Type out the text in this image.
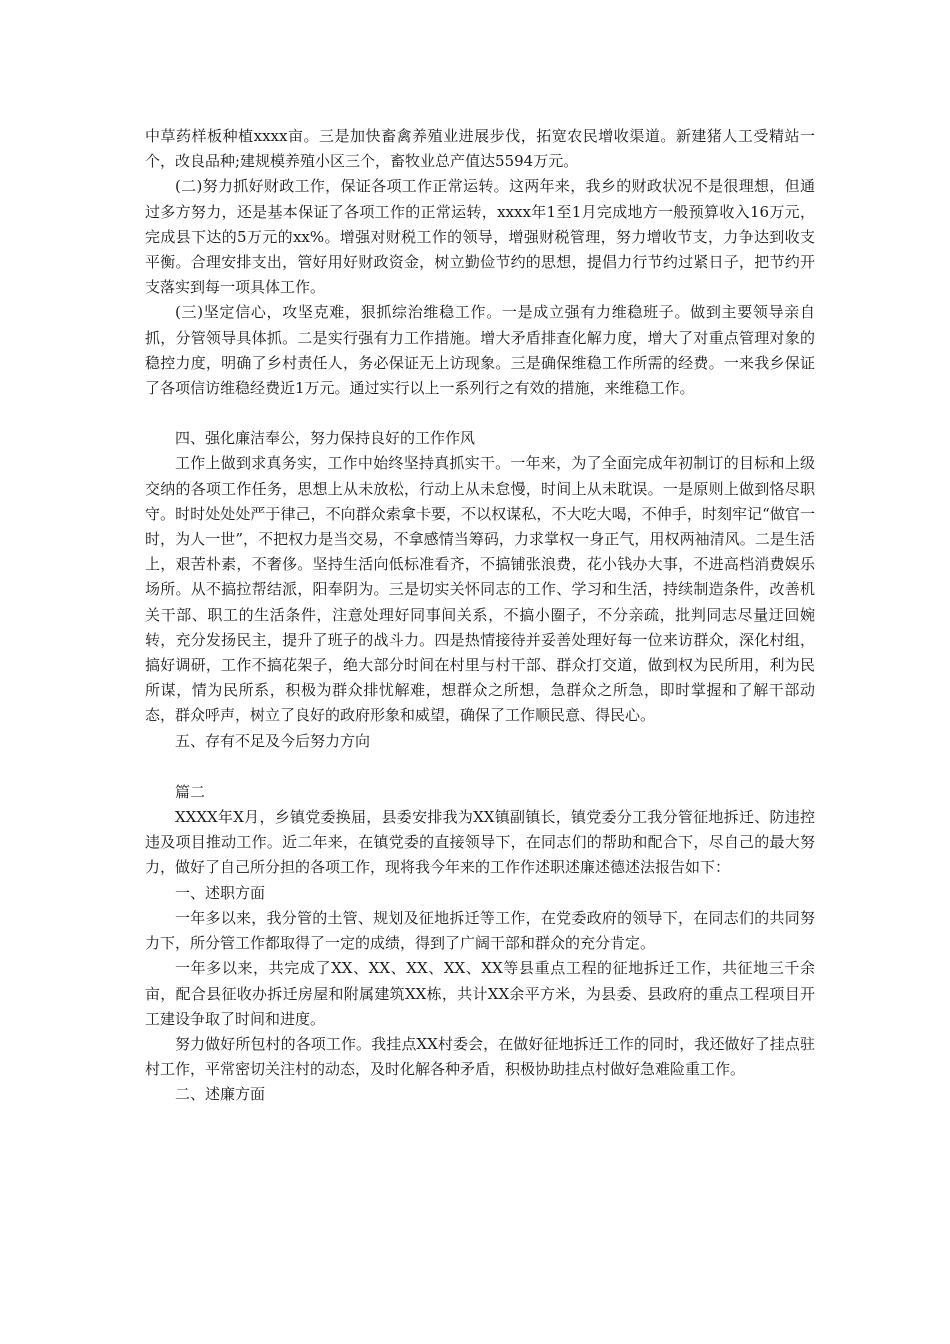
中草药样板种植xxxx亩。三是加快畜禽养殖业进展步伐，拓宽农民增收渠道。新建猪人工受精站一个，改良品种;建规模养殖小区三个，畜牧业总产值达5594万元。

(二)努力抓好财政工作，保证各项工作正常运转。这两年来，我乡的财政状况不是很理想，但通过多方努力，还是基本保证了各项工作的正常运转，xxxx年1至1月完成地方一般预算收入16万元，完成县下达的5万元的xx%。增强对财税工作的领导，增强财税管理，努力增收节支，力争达到收支平衡。合理安排支出，管好用好财政资金，树立勤俭节约的思想，提倡力行节约过紧日子，把节约开支落实到每一项具体工作。

(三)坚定信心，攻坚克难，狠抓综治维稳工作。一是成立强有力维稳班子。做到主要领导亲自抓，分管领导具体抓。二是实行强有力工作措施。增大矛盾排查化解力度，增大了对重点管理对象的稳控力度，明确了乡村责任人，务必保证无上访现象。三是确保维稳工作所需的经费。一来我乡保证了各项信访维稳经费近1万元。通过实行以上一系列行之有效的措施，来维稳工作。

四、强化廉洁奉公，努力保持良好的工作作风

工作上做到求真务实，工作中始终坚持真抓实干。一年来，为了全面完成年初制订的目标和上级交纳的各项工作任务，思想上从未放松，行动上从未怠慢，时间上从未耽误。一是原则上做到恪尽职守。时时处处处严于律己，不向群众索拿卡要，不以权谋私，不大吃大喝，不伸手，时刻牢记“做官一时，为人一世”，不把权力是当交易，不拿感情当筹码，力求掌权一身正气，用权两袖清风。二是生活上，艰苦朴素，不奢侈。坚持生活向低标准看齐，不搞铺张浪费，花小钱办大事，不进高档消费娱乐场所。从不搞拉帮结派，阳奉阴为。三是切实关怀同志的工作、学习和生活，持续制造条件，改善机关干部、职工的生活条件，注意处理好同事间关系，不搞小圈子，不分亲疏，批判同志尽量迂回婉转，充分发扬民主，提升了班子的战斗力。四是热情接待并妥善处理好每一位来访群众，深化村组，搞好调研，工作不搞花架子，绝大部分时间在村里与村干部、群众打交道，做到权为民所用，利为民所谋，情为民所系，积极为群众排忧解难，想群众之所想，急群众之所急，即时掌握和了解干部动态，群众呼声，树立了良好的政府形象和威望，确保了工作顺民意、得民心。

五、存有不足及今后努力方向

篇二

XXXX年X月，乡镇党委换届，县委安排我为XX镇副镇长，镇党委分工我分管征地拆迁、防违控违及项目推动工作。近二年来，在镇党委的直接领导下，在同志们的帮助和配合下，尽自己的最大努力，做好了自己所分担的各项工作，现将我今年来的工作作述职述廉述德述法报告如下：

一、述职方面

一年多以来，我分管的土管、规划及征地拆迁等工作，在党委政府的领导下，在同志们的共同努力下，所分管工作都取得了一定的成绩，得到了广阔干部和群众的充分肯定。

一年多以来，共完成了XX、XX、XX、XX、XX等县重点工程的征地拆迁工作，共征地三千余亩，配合县征收办拆迁房屋和附属建筑XX栋，共计XX余平方米，为县委、县政府的重点工程项目开工建设争取了时间和进度。

努力做好所包村的各项工作。我挂点XX村委会，在做好征地拆迁工作的同时，我还做好了挂点驻村工作，平常密切关注村的动态，及时化解各种矛盾，积极协助挂点村做好急难险重工作。

二、述廉方面
